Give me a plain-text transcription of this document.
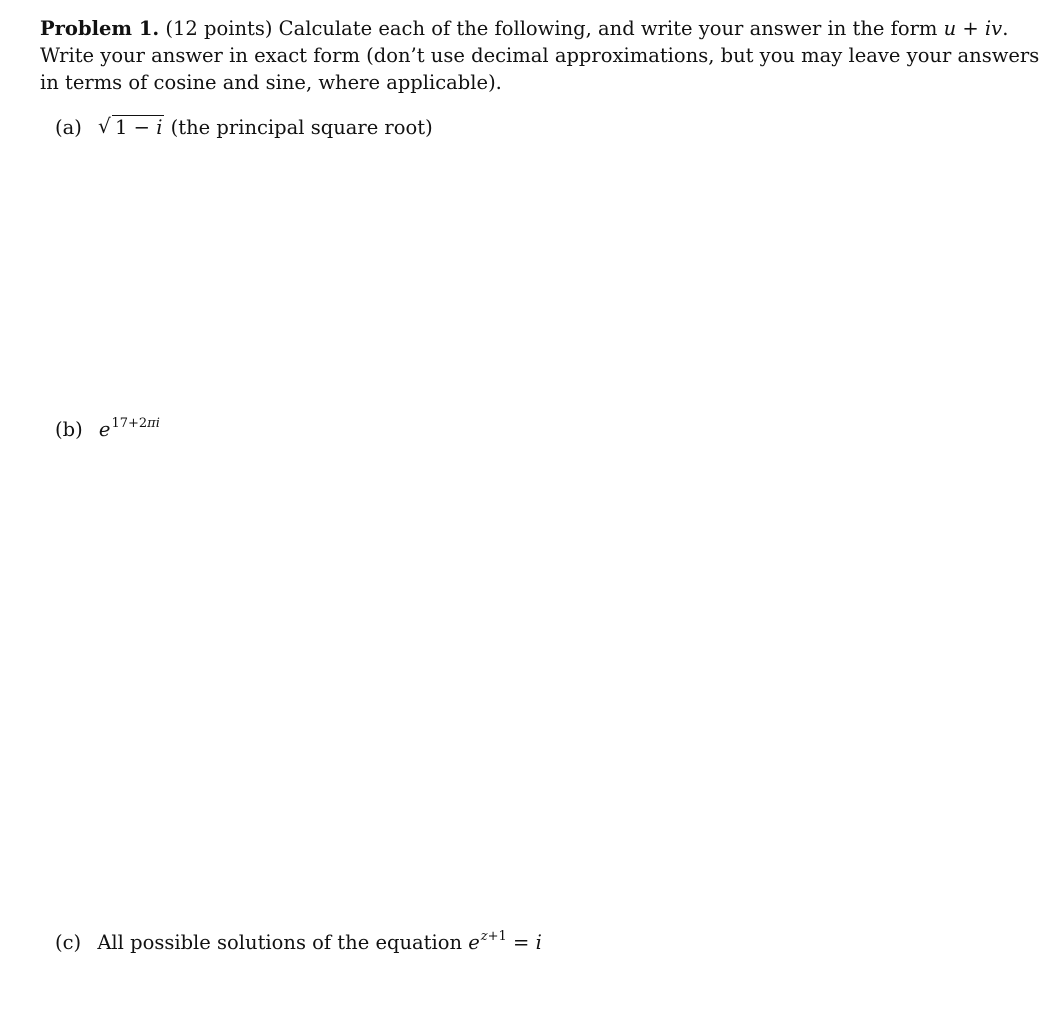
Problem 1. (12 points) Calculate each of the following, and write your answer in the form u + iv.
Write your answer in exact form (don’t use decimal approximations, but you may leave your answers
in terms of cosine and sine, where applicable).
(a) √ 1 − i (the principal square root)
(b) $e^{17+2\pi i}$
(c) All possible solutions of the equation $e^{z+1} = i$
